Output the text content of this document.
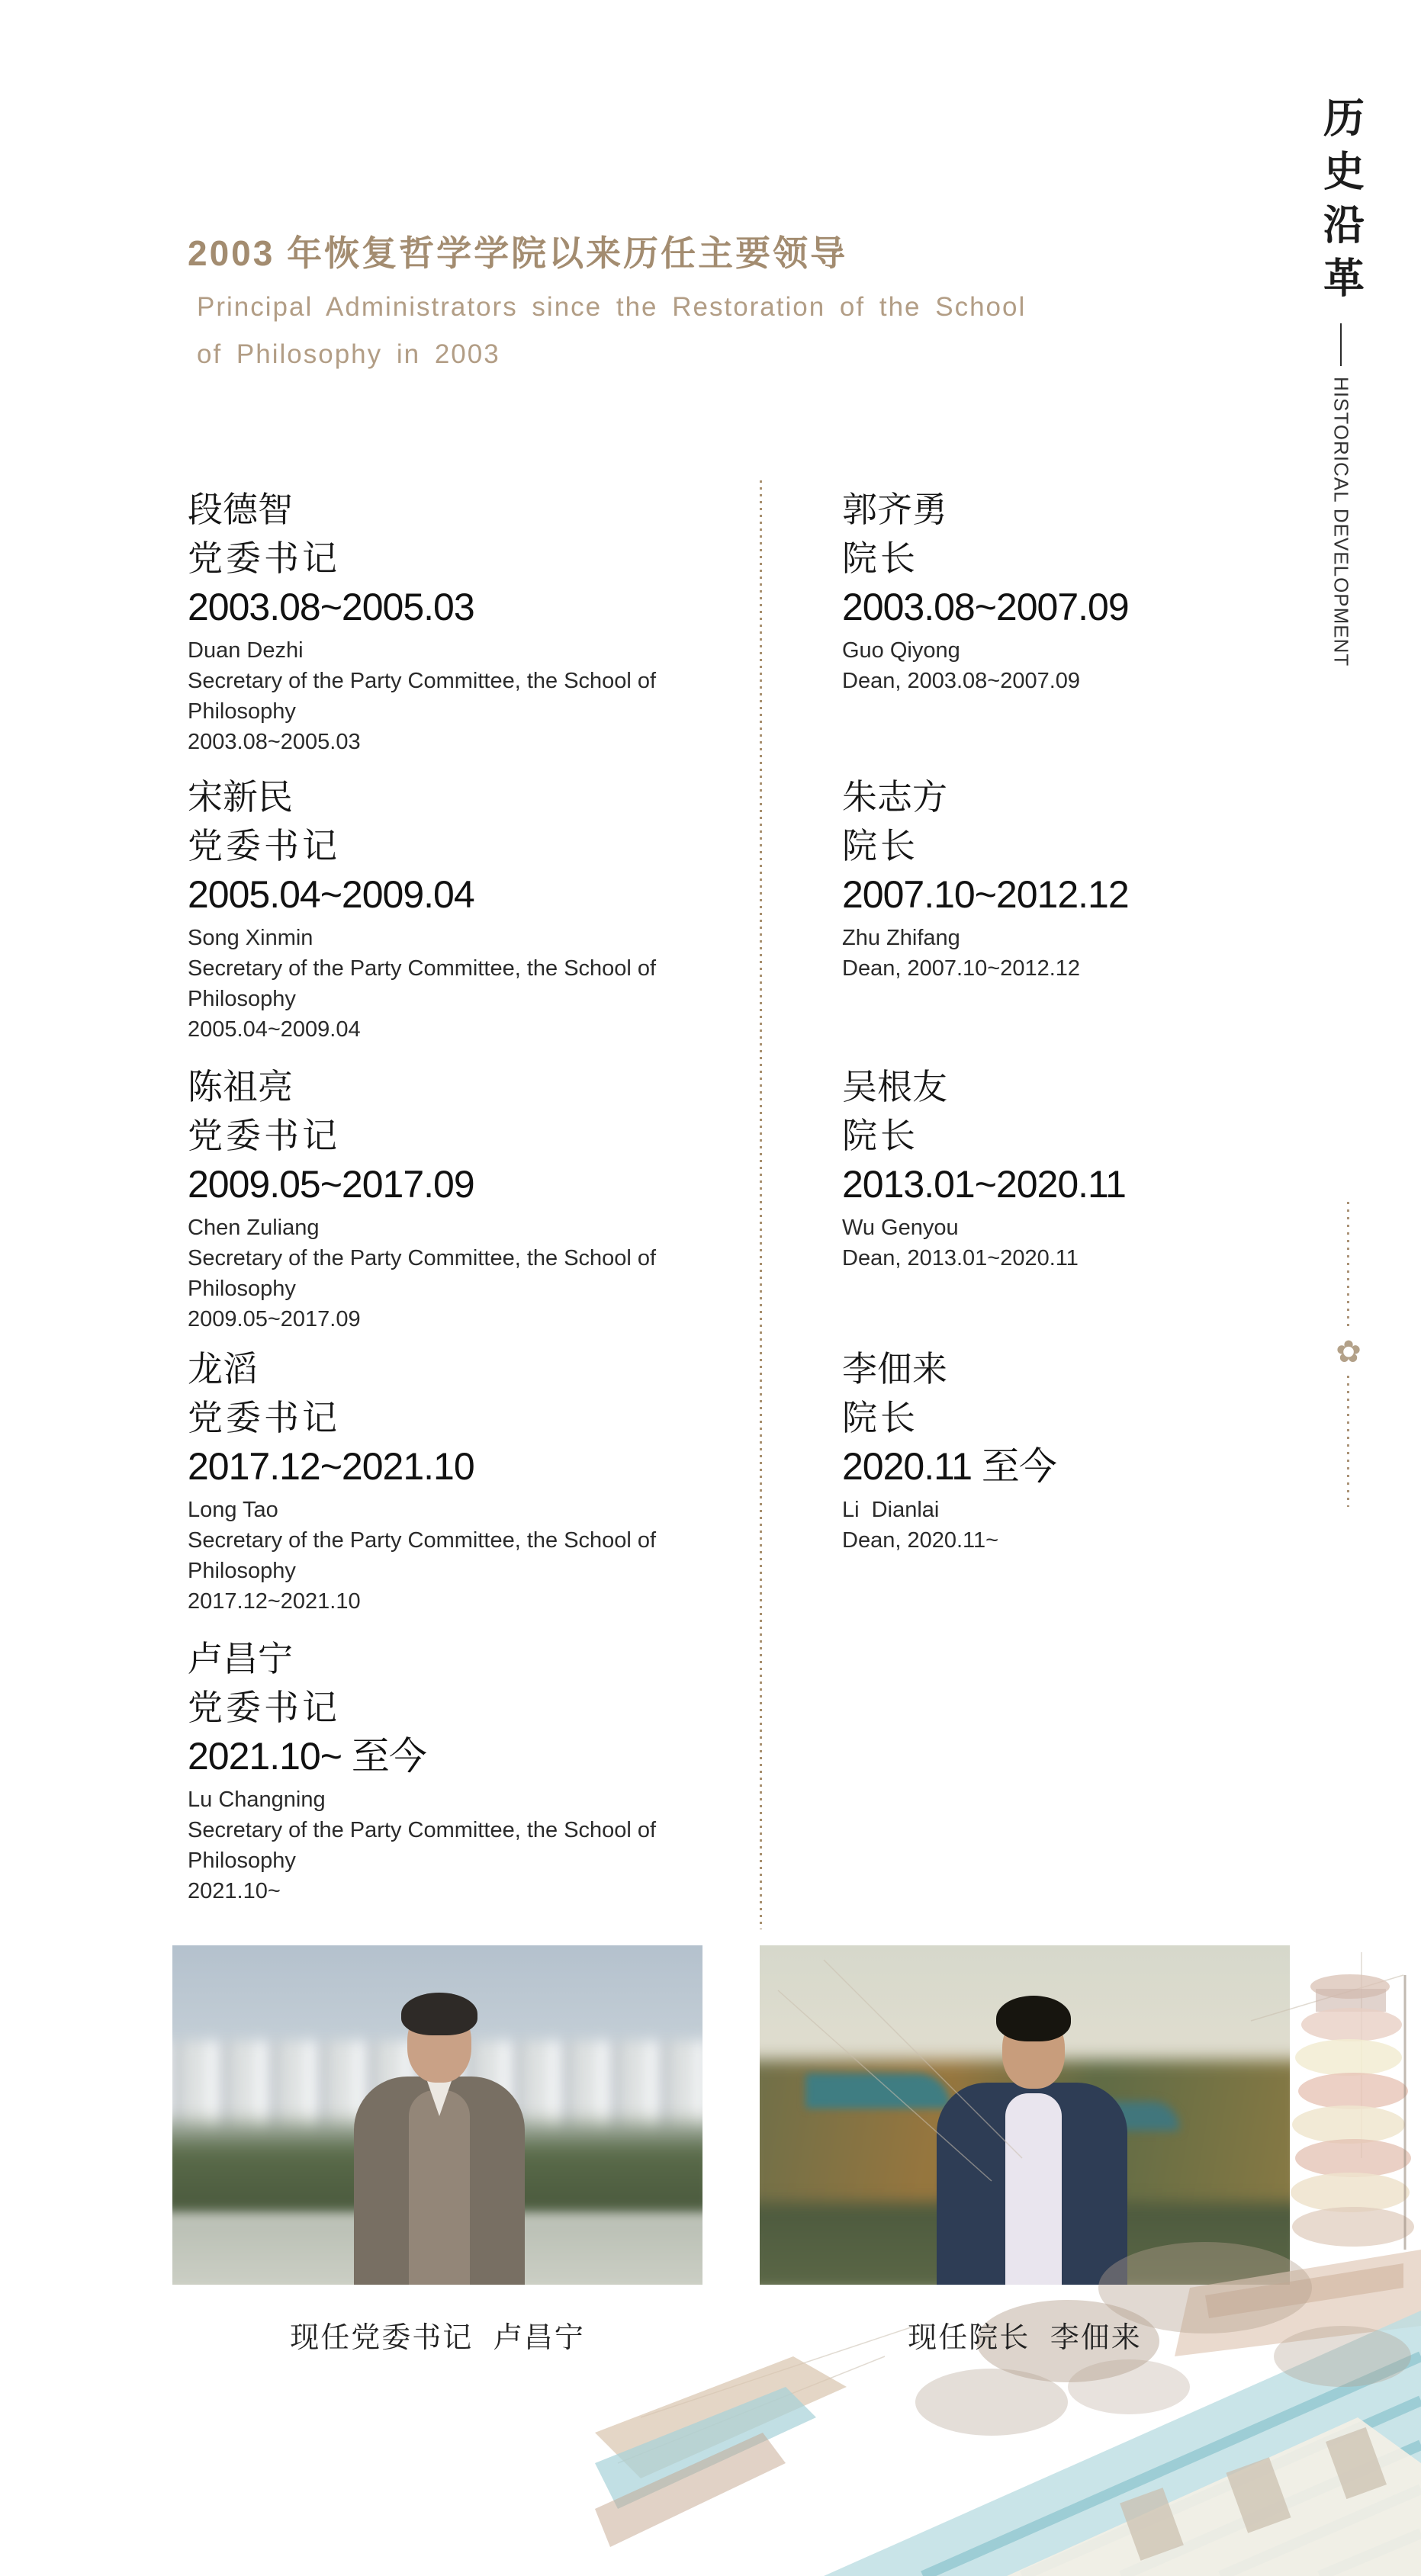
2003 年恢复哲学学院以来历任主要领导
Principal Administrators since the Restoration of the School of Philosophy in 2003
历史沿革
HISTORICAL DEVELOPMENT
✿
段德智
党委书记
2003.08~2005.03
Duan Dezhi
Secretary of the Party Committee, the School of Philosophy
2003.08~2005.03
宋新民
党委书记
2005.04~2009.04
Song Xinmin
Secretary of the Party Committee, the School of Philosophy
2005.04~2009.04
陈祖亮
党委书记
2009.05~2017.09
Chen Zuliang
Secretary of the Party Committee, the School of Philosophy
2009.05~2017.09
龙滔
党委书记
2017.12~2021.10
Long Tao
Secretary of the Party Committee, the School of Philosophy
2017.12~2021.10
卢昌宁
党委书记
2021.10~ 至今
Lu Changning
Secretary of the Party Committee, the School of Philosophy
2021.10~
郭齐勇
院长
2003.08~2007.09
Guo Qiyong
Dean, 2003.08~2007.09
朱志方
院长
2007.10~2012.12
Zhu Zhifang
Dean, 2007.10~2012.12
吴根友
院长
2013.01~2020.11
Wu Genyou
Dean, 2013.01~2020.11
李佃来
院长
2020.11 至今
Li  Dianlai
Dean, 2020.11~
现任党委书记 卢昌宁	现任院长 李佃来
